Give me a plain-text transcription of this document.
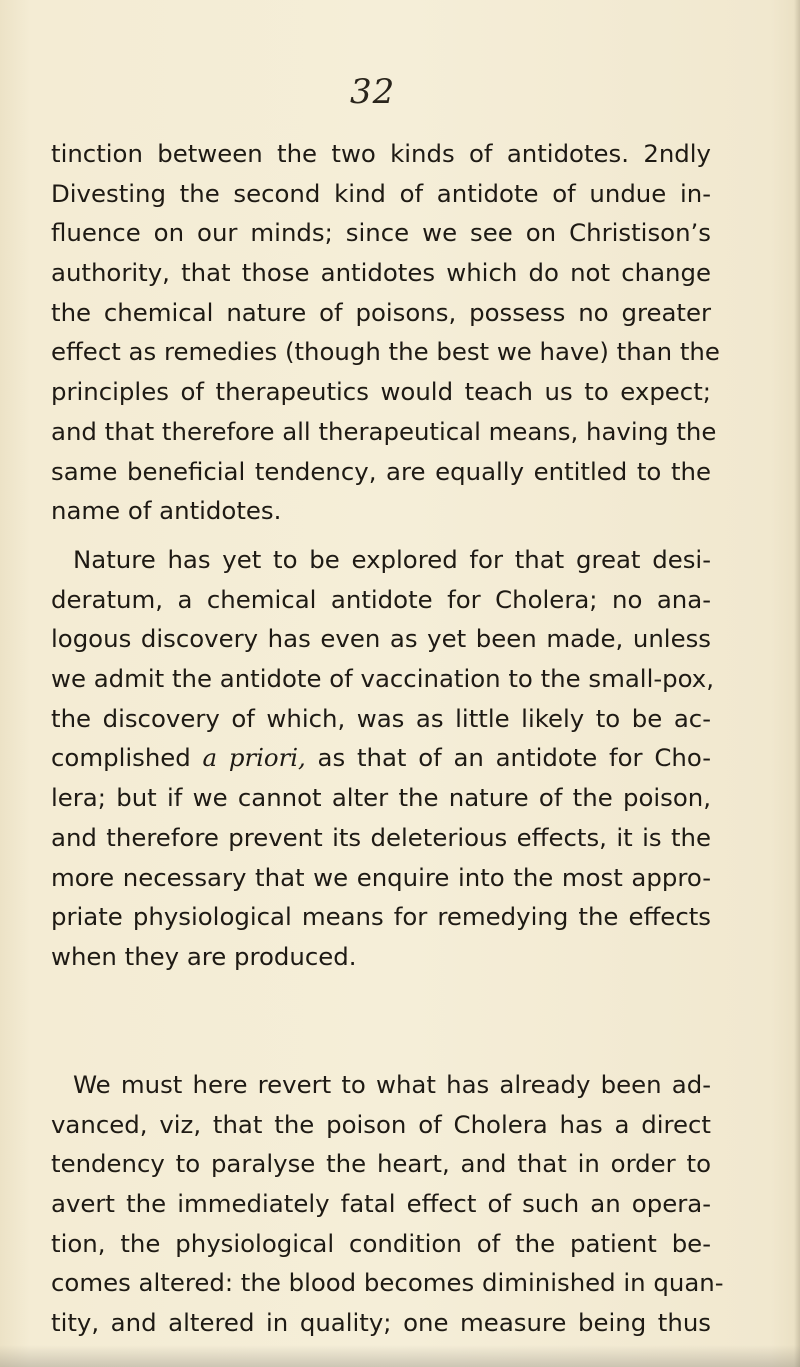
32
tinction between the two kinds of antidotes. 2ndly
Divesting the second kind of antidote of undue in-
fluence on our minds; since we see on Christison’s
authority, that those antidotes which do not change
the chemical nature of poisons, possess no greater
effect as remedies (though the best we have) than the
principles of therapeutics would teach us to expect;
and that therefore all therapeutical means, having the
same beneficial tendency, are equally entitled to the
name of antidotes.
Nature has yet to be explored for that great desi-
deratum, a chemical antidote for Cholera; no ana-
logous discovery has even as yet been made, unless
we admit the antidote of vaccination to the small-pox,
the discovery of which, was as little likely to be ac-
complished a priori, as that of an antidote for Cho-
lera; but if we cannot alter the nature of the poison,
and therefore prevent its deleterious effects, it is the
more necessary that we enquire into the most appro-
priate physiological means for remedying the effects
when they are produced.
We must here revert to what has already been ad-
vanced, viz, that the poison of Cholera has a direct
tendency to paralyse the heart, and that in order to
avert the immediately fatal effect of such an opera-
tion, the physiological condition of the patient be-
comes altered: the blood becomes diminished in quan-
tity, and altered in quality; one measure being thus
